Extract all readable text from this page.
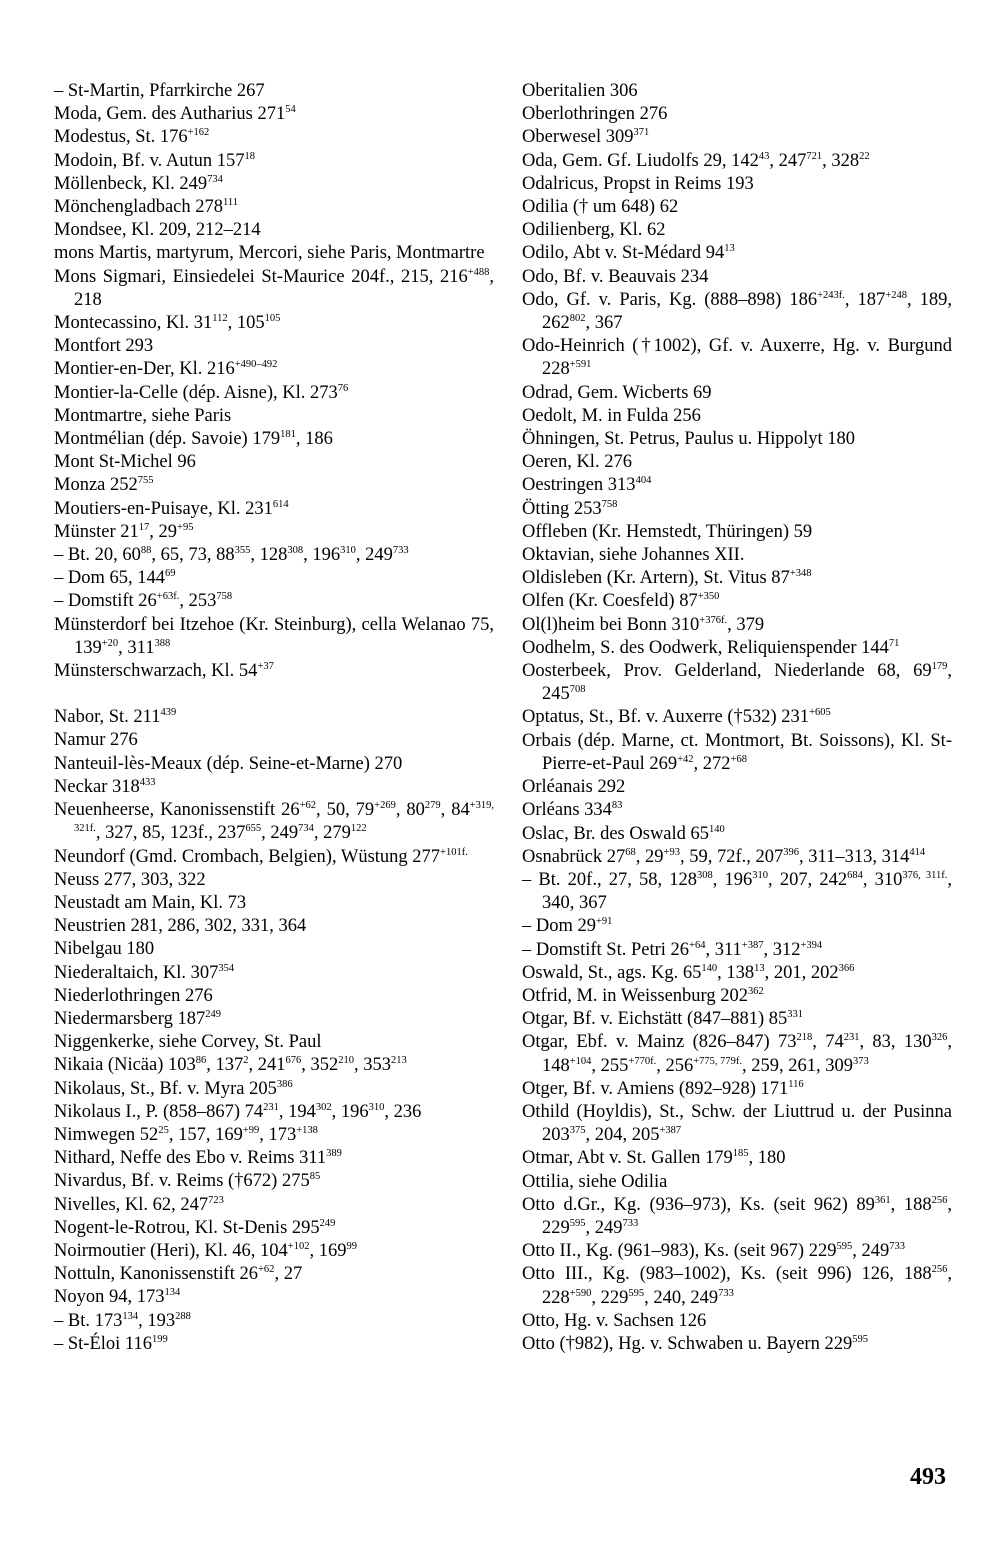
– St-Martin, Pfarrkirche 267
Moda, Gem. des Autharius $271^{54}$
Modestus, St. $176^{+162}$
Modoin, Bf. v. Autun $157^{18}$
Möllenbeck, Kl. $249^{734}$
Mönchengladbach $278^{111}$
Mondsee, Kl. 209, 212–214
mons Martis, martyrum, Mercori, siehe Paris, Montmartre
Mons Sigmari, Einsiedelei St-Maurice 204f., 215, $216^{+488}$, 218
Montecassino, Kl. $31^{112}$, $105^{105}$
Montfort 293
Montier-en-Der, Kl. $216^{+490-492}$
Montier-la-Celle (dép. Aisne), Kl. $273^{76}$
Montmartre, siehe Paris
Montmélian (dép. Savoie) $179^{181}$, 186
Mont St-Michel 96
Monza $252^{755}$
Moutiers-en-Puisaye, Kl. $231^{614}$
Münster $21^{17}$, $29^{+95}$
– Bt. 20, $60^{88}$, 65, 73, $88^{355}$, $128^{308}$, $196^{310}$, $249^{733}$
– Dom 65, $144^{69}$
– Domstift $26^{+63f.}$, $253^{758}$
Münsterdorf bei Itzehoe (Kr. Steinburg), cella Welanao 75, $139^{+20}$, $311^{388}$
Münsterschwarzach, Kl. $54^{+37}$
Nabor, St. $211^{439}$
Namur 276
Nanteuil-lès-Meaux (dép. Seine-et-Marne) 270
Neckar $318^{433}$
Neuenheerse, Kanonissenstift $26^{+62}$, 50, $79^{+269}$, $80^{279}$, $84^{+319, 321f.}$, 327, 85, 123f., $237^{655}$, $249^{734}$, $279^{122}$
Neundorf (Gmd. Crombach, Belgien), Wüstung $277^{+101f.}$
Neuss 277, 303, 322
Neustadt am Main, Kl. 73
Neustrien 281, 286, 302, 331, 364
Nibelgau 180
Niederaltaich, Kl. $307^{354}$
Niederlothringen 276
Niedermarsberg $187^{249}$
Niggenkerke, siehe Corvey, St. Paul
Nikaia (Nicäa) $103^{86}$, $137^2$, $241^{676}$, $352^{210}$, $353^{213}$
Nikolaus, St., Bf. v. Myra $205^{386}$
Nikolaus I., P. (858–867) $74^{231}$, $194^{302}$, $196^{310}$, 236
Nimwegen $52^{25}$, 157, $169^{+99}$, $173^{+138}$
Nithard, Neffe des Ebo v. Reims $311^{389}$
Nivardus, Bf. v. Reims (†672) $275^{85}$
Nivelles, Kl. 62, $247^{723}$
Nogent-le-Rotrou, Kl. St-Denis $295^{249}$
Noirmoutier (Heri), Kl. 46, $104^{+102}$, $169^{99}$
Nottuln, Kanonissenstift $26^{+62}$, 27
Noyon 94, $173^{134}$
– Bt. $173^{134}$, $193^{288}$
– St-Éloi $116^{199}$
Oberitalien 306
Oberlothringen 276
Oberwesel $309^{371}$
Oda, Gem. Gf. Liudolfs 29, $142^{43}$, $247^{721}$, $328^{22}$
Odalricus, Propst in Reims 193
Odilia († um 648) 62
Odilienberg, Kl. 62
Odilo, Abt v. St-Médard $94^{13}$
Odo, Bf. v. Beauvais 234
Odo, Gf. v. Paris, Kg. (888–898) $186^{+243f.}$, $187^{+248}$, 189, $262^{802}$, 367
Odo-Heinrich (†1002), Gf. v. Auxerre, Hg. v. Burgund $228^{+591}$
Odrad, Gem. Wicberts 69
Oedolt, M. in Fulda 256
Öhningen, St. Petrus, Paulus u. Hippolyt 180
Oeren, Kl. 276
Oestringen $313^{404}$
Ötting $253^{758}$
Offleben (Kr. Hemstedt, Thüringen) 59
Oktavian, siehe Johannes XII.
Oldisleben (Kr. Artern), St. Vitus $87^{+348}$
Olfen (Kr. Coesfeld) $87^{+350}$
Ol(l)heim bei Bonn $310^{+376f.}$, 379
Oodhelm, S. des Oodwerk, Reliquienspender $144^{71}$
Oosterbeek, Prov. Gelderland, Niederlande 68, $69^{179}$, $245^{708}$
Optatus, St., Bf. v. Auxerre (†532) $231^{+605}$
Orbais (dép. Marne, ct. Montmort, Bt. Soissons), Kl. St-Pierre-et-Paul $269^{+42}$, $272^{+68}$
Orléanais 292
Orléans $334^{83}$
Oslac, Br. des Oswald $65^{140}$
Osnabrück $27^{68}$, $29^{+93}$, 59, 72f., $207^{396}$, 311–313, $314^{414}$
– Bt. 20f., 27, 58, $128^{308}$, $196^{310}$, 207, $242^{684}$, $310^{376, 311f.}$, 340, 367
– Dom $29^{+91}$
– Domstift St. Petri $26^{+64}$, $311^{+387}$, $312^{+394}$
Oswald, St., ags. Kg. $65^{140}$, $138^{13}$, 201, $202^{366}$
Otfrid, M. in Weissenburg $202^{362}$
Otgar, Bf. v. Eichstätt (847–881) $85^{331}$
Otgar, Ebf. v. Mainz (826–847) $73^{218}$, $74^{231}$, 83, $130^{326}$, $148^{+104}$, $255^{+770f.}$, $256^{+775, 779f.}$, 259, 261, $309^{373}$
Otger, Bf. v. Amiens (892–928) $171^{116}$
Othild (Hoyldis), St., Schw. der Liuttrud u. der Pusinna $203^{375}$, 204, $205^{+387}$
Otmar, Abt v. St. Gallen $179^{185}$, 180
Ottilia, siehe Odilia
Otto d.Gr., Kg. (936–973), Ks. (seit 962) $89^{361}$, $188^{256}$, $229^{595}$, $249^{733}$
Otto II., Kg. (961–983), Ks. (seit 967) $229^{595}$, $249^{733}$
Otto III., Kg. (983–1002), Ks. (seit 996) 126, $188^{256}$, $228^{+590}$, $229^{595}$, 240, $249^{733}$
Otto, Hg. v. Sachsen 126
Otto (†982), Hg. v. Schwaben u. Bayern $229^{595}$
493
